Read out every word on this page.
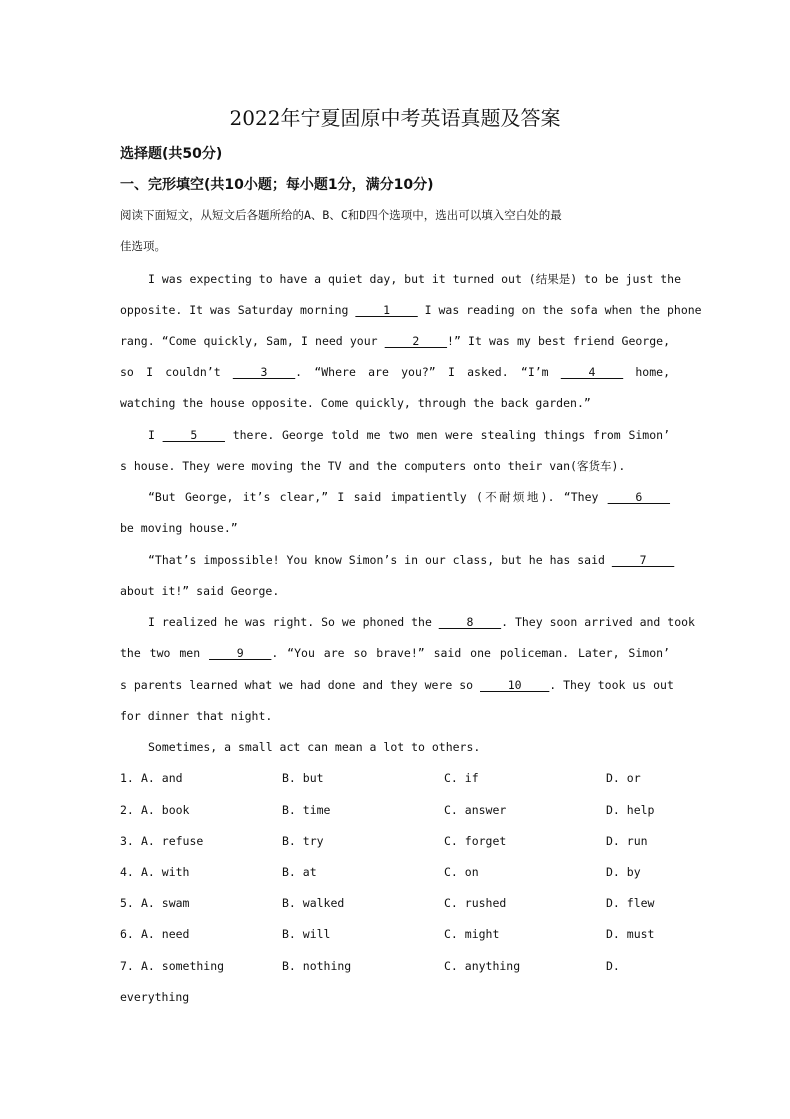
2022年宁夏固原中考英语真题及答案
选择题(共50分)
一、完形填空(共10小题；每小题1分，满分10分)
阅读下面短文，从短文后各题所给的A、B、C和D四个选项中，选出可以填入空白处的最
佳选项。
I was expecting to have a quiet day, but it turned out (结果是) to be just the
opposite. It was Saturday morning ____1____ I was reading on the sofa when the phone
rang. “Come quickly, Sam, I need your ____2____!” It was my best friend George,
so I couldn’t ____3____. “Where are you?” I asked. “I’m ____4____ home,
watching the house opposite. Come quickly, through the back garden.”
I ____5____ there. George told me two men were stealing things from Simon’
s house. They were moving the TV and the computers onto their van(客货车).
“But George, it’s clear,” I said impatiently (不耐烦地). “They ____6____
be moving house.”
“That’s impossible! You know Simon’s in our class, but he has said ____7____
about it!” said George.
I realized he was right. So we phoned the ____8____. They soon arrived and took
the two men ____9____. “You are so brave!” said one policeman. Later, Simon’
s parents learned what we had done and they were so ____10____. They took us out
for dinner that night.
Sometimes, a small act can mean a lot to others.
1. A. and	B. but	C. if	D. or
2. A. book	B. time	C. answer	D. help
3. A. refuse	B. try	C. forget	D. run
4. A. with	B. at	C. on	D. by
5. A. swam	B. walked	C. rushed	D. flew
6. A. need	B. will	C. might	D. must
7. A. something	B. nothing	C. anything	D.
everything
